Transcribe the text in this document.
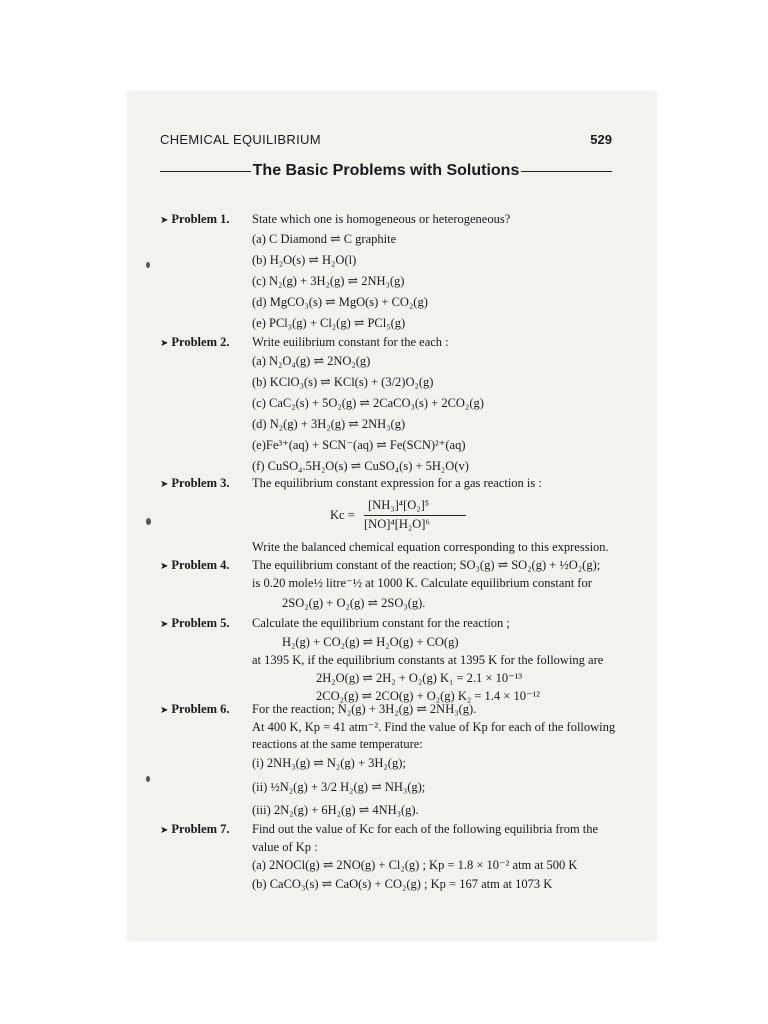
CHEMICAL EQUILIBRIUM	529
The Basic Problems with Solutions
➤ Problem 1. State which one is homogeneous or heterogeneous?
(a) C Diamond ⇌ C graphite
(b) H₂O(s) ⇌ H₂O(l)
(c) N₂(g) + 3H₂(g) ⇌ 2NH₃(g)
(d) MgCO₃(s) ⇌ MgO(s) + CO₂(g)
(e) PCl₃(g) + Cl₂(g) ⇌ PCl₅(g)
➤ Problem 2. Write euilibrium constant for the each :
(a) N₂O₄(g) ⇌ 2NO₂(g)
(b) KClO₃(s) ⇌ KCl(s) + (3/2)O₂(g)
(c) CaC₂(s) + 5O₂(g) ⇌ 2CaCO₃(s) + 2CO₂(g)
(d) N₂(g) + 3H₂(g) ⇌ 2NH₃(g)
(e)Fe³⁺(aq) + SCN⁻(aq) ⇌ Fe(SCN)²⁺(aq)
(f) CuSO₄.5H₂O(s) ⇌ CuSO₄(s) + 5H₂O(v)
➤ Problem 3. The equilibrium constant expression for a gas reaction is :
Kc =
[NH₃]⁴[O₂]⁵
[NO]⁴[H₂O]⁶
Write the balanced chemical equation corresponding to this expression.
➤ Problem 4. The equilibrium constant of the reaction; SO₃(g) ⇌ SO₂(g) + ½O₂(g);
is 0.20 mole½ litre⁻½ at 1000 K. Calculate equilibrium constant for
2SO₂(g) + O₂(g) ⇌ 2SO₃(g).
➤ Problem 5. Calculate the equilibrium constant for the reaction ;
H₂(g) + CO₂(g) ⇌ H₂O(g) + CO(g)
at 1395 K, if the equilibrium constants at 1395 K for the following are
2H₂O(g) ⇌ 2H₂ + O₂(g) K₁ = 2.1 × 10⁻¹³
2CO₂(g) ⇌ 2CO(g) + O₂(g) K₂ = 1.4 × 10⁻¹²
➤ Problem 6. For the reaction; N₂(g) + 3H₂(g) ⇌ 2NH₃(g).
At 400 K, Kp = 41 atm⁻². Find the value of Kp for each of the following
reactions at the same temperature:
(i) 2NH₃(g) ⇌ N₂(g) + 3H₂(g);
(ii) ½N₂(g) + 3/2 H₂(g) ⇌ NH₃(g);
(iii) 2N₂(g) + 6H₂(g) ⇌ 4NH₃(g).
➤ Problem 7. Find out the value of Kc for each of the following equilibria from the
value of Kp :
(a) 2NOCl(g) ⇌ 2NO(g) + Cl₂(g) ; Kp = 1.8 × 10⁻² atm at 500 K
(b) CaCO₃(s) ⇌ CaO(s) + CO₂(g) ; Kp = 167 atm at 1073 K
